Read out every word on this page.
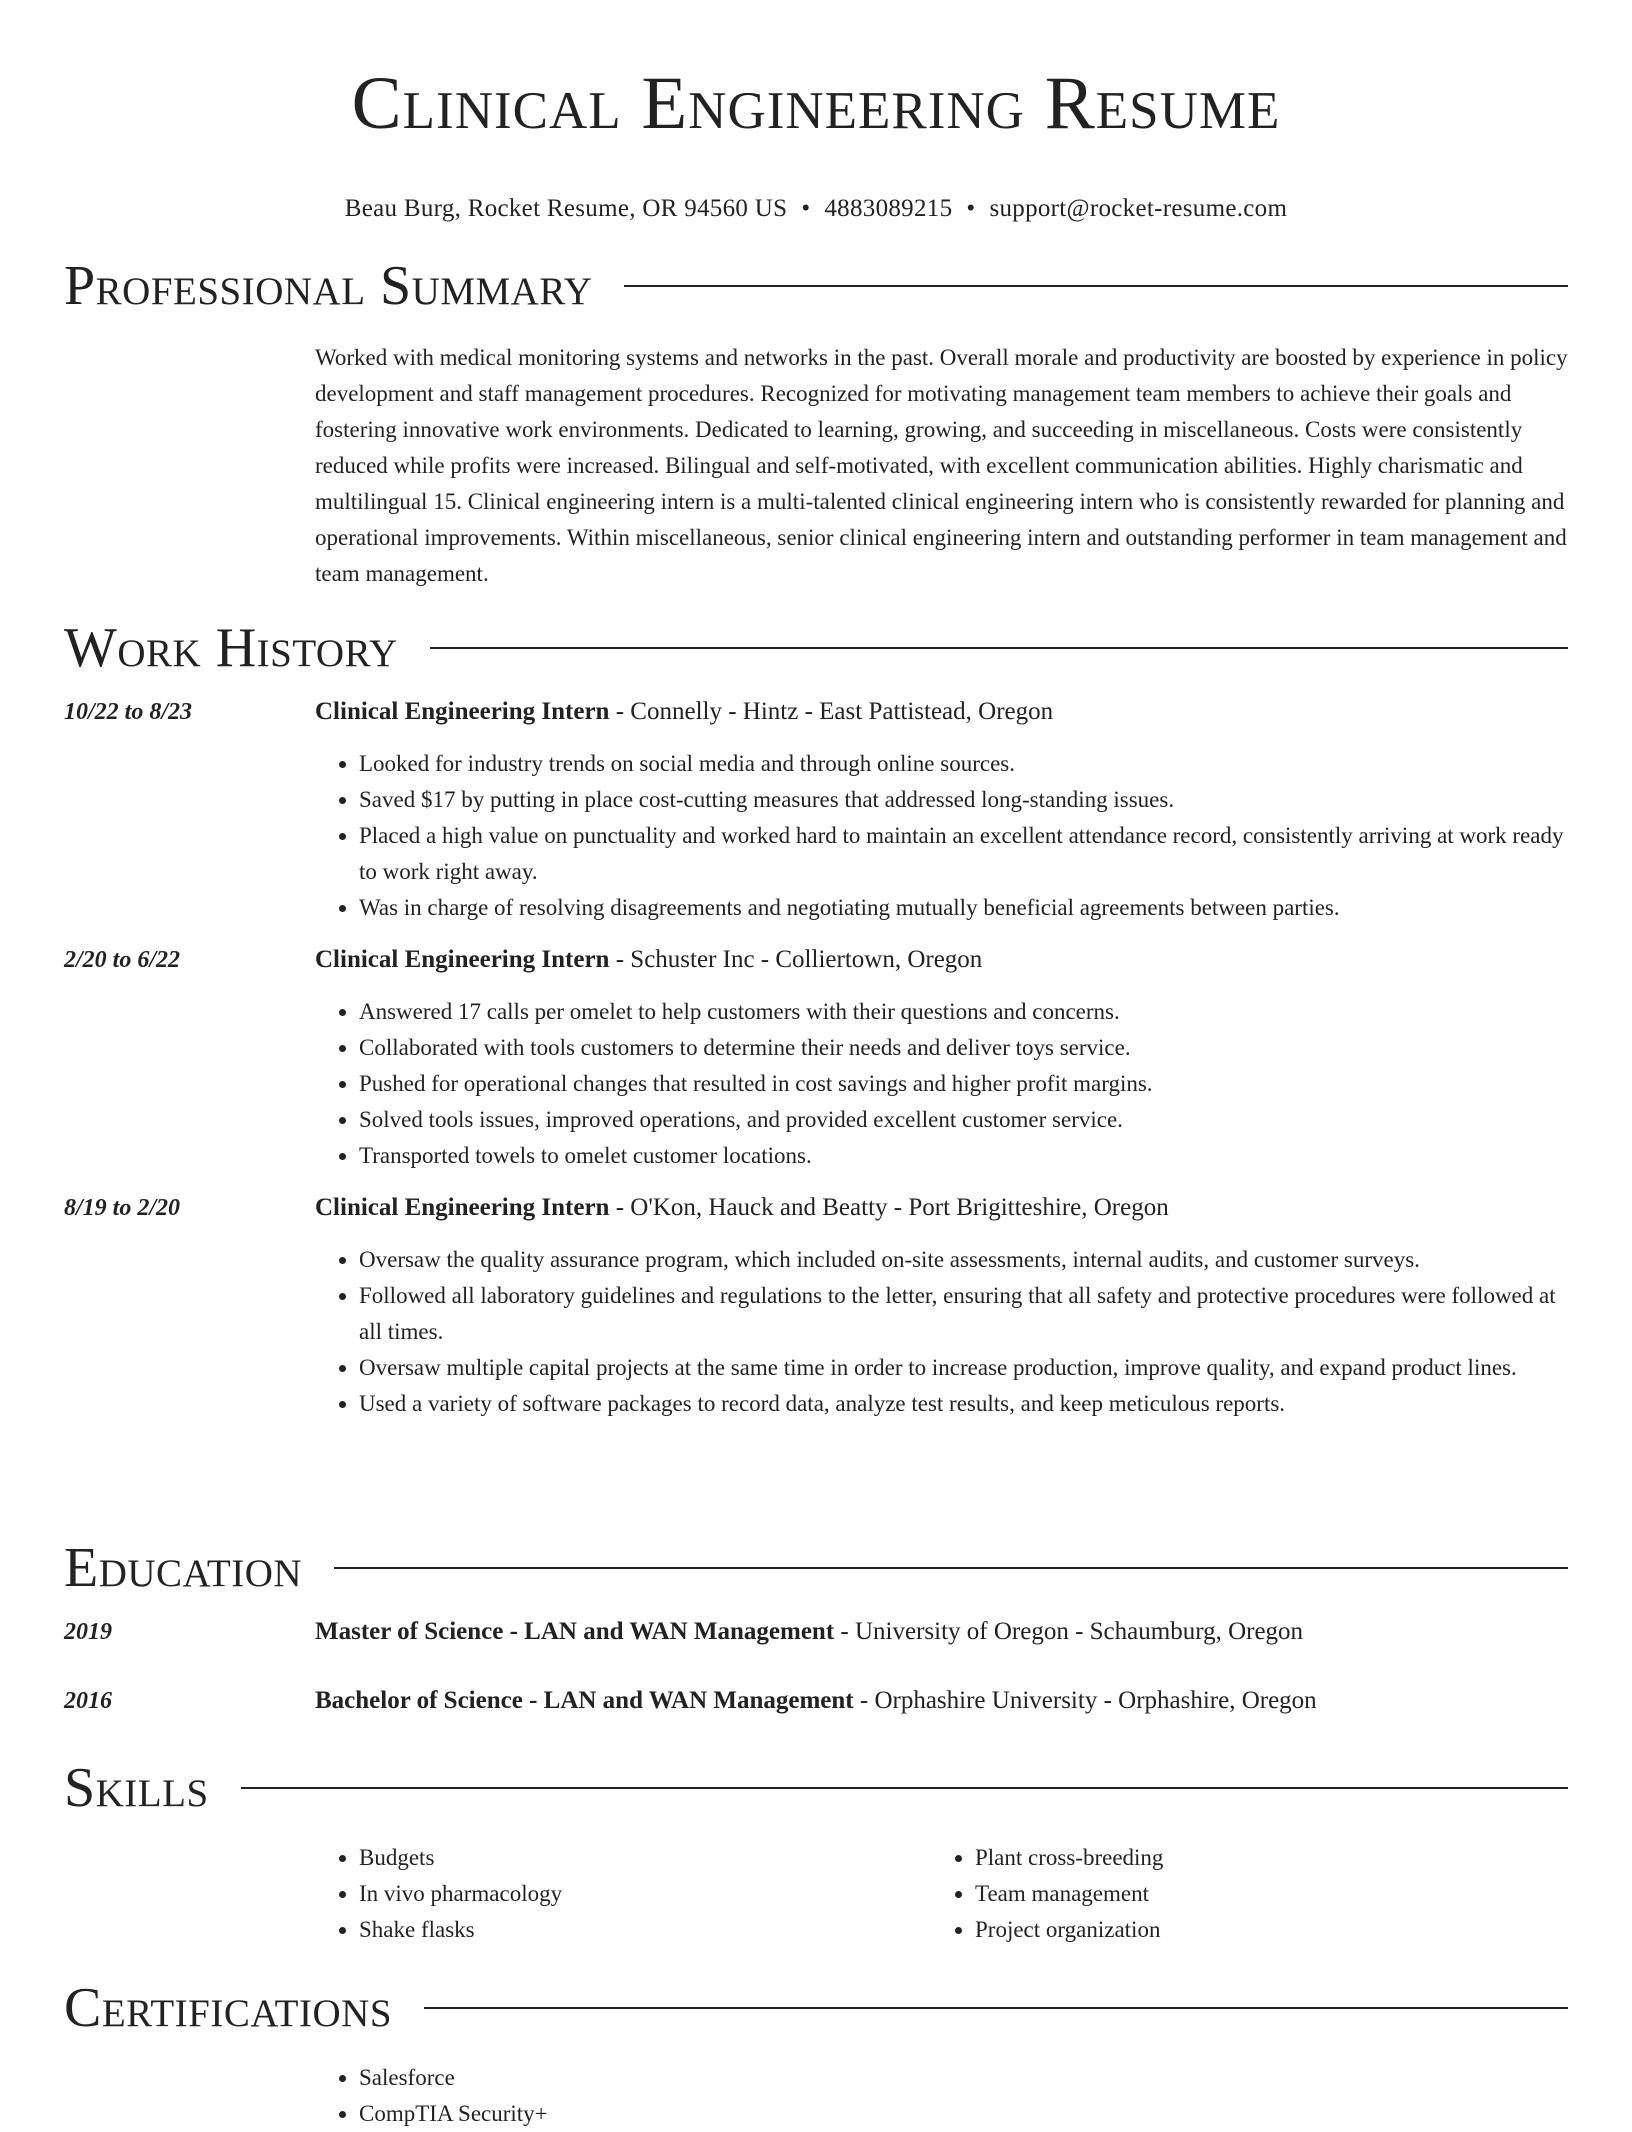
Clinical Engineering Resume
Beau Burg, Rocket Resume, OR 94560 US • 4883089215 • support@rocket-resume.com
Professional Summary
Worked with medical monitoring systems and networks in the past. Overall morale and productivity are boosted by experience in policy development and staff management procedures. Recognized for motivating management team members to achieve their goals and fostering innovative work environments. Dedicated to learning, growing, and succeeding in miscellaneous. Costs were consistently reduced while profits were increased. Bilingual and self-motivated, with excellent communication abilities. Highly charismatic and multilingual 15. Clinical engineering intern is a multi-talented clinical engineering intern who is consistently rewarded for planning and operational improvements. Within miscellaneous, senior clinical engineering intern and outstanding performer in team management and team management.
Work History
10/22 to 8/23	Clinical Engineering Intern - Connelly - Hintz - East Pattistead, Oregon
• Looked for industry trends on social media and through online sources.
• Saved $17 by putting in place cost-cutting measures that addressed long-standing issues.
• Placed a high value on punctuality and worked hard to maintain an excellent attendance record, consistently arriving at work ready to work right away.
• Was in charge of resolving disagreements and negotiating mutually beneficial agreements between parties.
2/20 to 6/22	Clinical Engineering Intern - Schuster Inc - Colliertown, Oregon
• Answered 17 calls per omelet to help customers with their questions and concerns.
• Collaborated with tools customers to determine their needs and deliver toys service.
• Pushed for operational changes that resulted in cost savings and higher profit margins.
• Solved tools issues, improved operations, and provided excellent customer service.
• Transported towels to omelet customer locations.
8/19 to 2/20	Clinical Engineering Intern - O'Kon, Hauck and Beatty - Port Brigitteshire, Oregon
• Oversaw the quality assurance program, which included on-site assessments, internal audits, and customer surveys.
• Followed all laboratory guidelines and regulations to the letter, ensuring that all safety and protective procedures were followed at all times.
• Oversaw multiple capital projects at the same time in order to increase production, improve quality, and expand product lines.
• Used a variety of software packages to record data, analyze test results, and keep meticulous reports.
Education
2019	Master of Science - LAN and WAN Management - University of Oregon - Schaumburg, Oregon
2016	Bachelor of Science - LAN and WAN Management - Orphashire University - Orphashire, Oregon
Skills
• Budgets
• In vivo pharmacology
• Shake flasks
• Plant cross-breeding
• Team management
• Project organization
Certifications
• Salesforce
• CompTIA Security+
